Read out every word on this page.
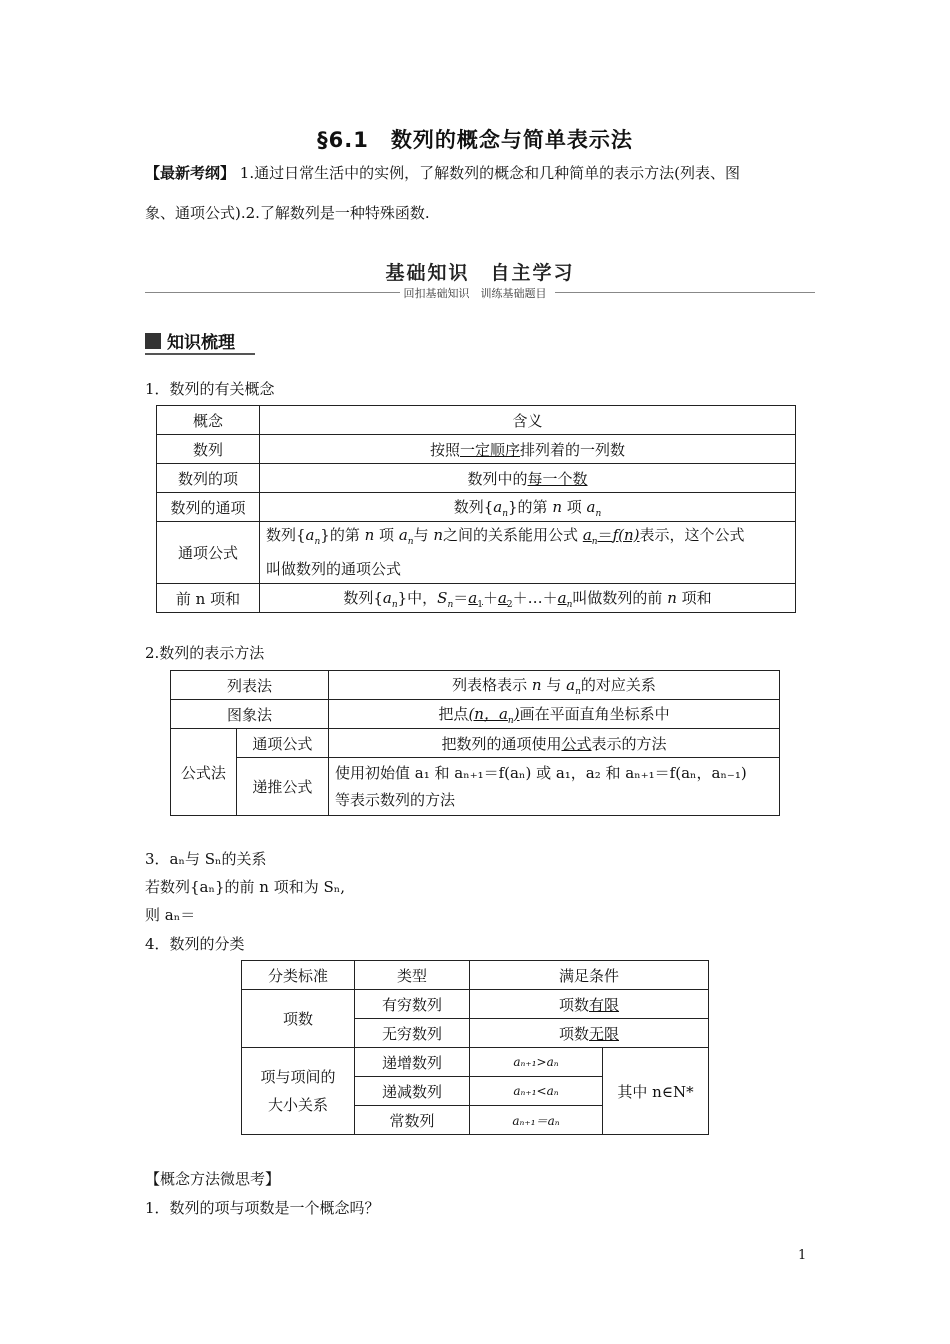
§6.1　数列的概念与简单表示法
【最新考纲】 1.通过日常生活中的实例，了解数列的概念和几种简单的表示方法(列表、图
象、通项公式).2.了解数列是一种特殊函数.
基础知识　自主学习
回扣基础知识　训练基础题目
知识梳理
1．数列的有关概念
概念	含义
数列	按照一定顺序排列着的一列数
数列的项	数列中的每一个数
数列的通项	数列$\{a_n\}$的第 n 项 $a_n$
通项公式	数列$\{a_n\}$的第 n 项 $a_n$与 n之间的关系能用公式 $a_n=f(n)$表示，这个公式
叫做数列的通项公式

前 n 项和	数列$\{a_n\}$中，$S_n=a_1+a_2+\dots+a_n$叫做数列的前 n 项和
2.数列的表示方法
列表法		列表格表示 n 与 $a_n$的对应关系
图象法		把点(n，$a_n$)画在平面直角坐标系中
公式法	通项公式	把数列的通项使用公式表示的方法
	递推公式	使用初始值 a₁ 和 aₙ₊₁＝f(aₙ) 或 a₁，a₂ 和 aₙ₊₁＝f(aₙ，aₙ₋₁)
等表示数列的方法
3．aₙ与 Sₙ的关系
若数列{aₙ}的前 n 项和为 Sₙ,
则 aₙ＝
4．数列的分类
分类标准	类型	满足条件	
项数	有穷数列	项数有限	
	无穷数列	项数无限	

项与项间的
大小关系	递增数列	aₙ₊₁>aₙ	其中 n∈N*
	递减数列	aₙ₊₁<aₙ	
	常数列	aₙ₊₁＝aₙ	
【概念方法微思考】
1．数列的项与项数是一个概念吗？
1
